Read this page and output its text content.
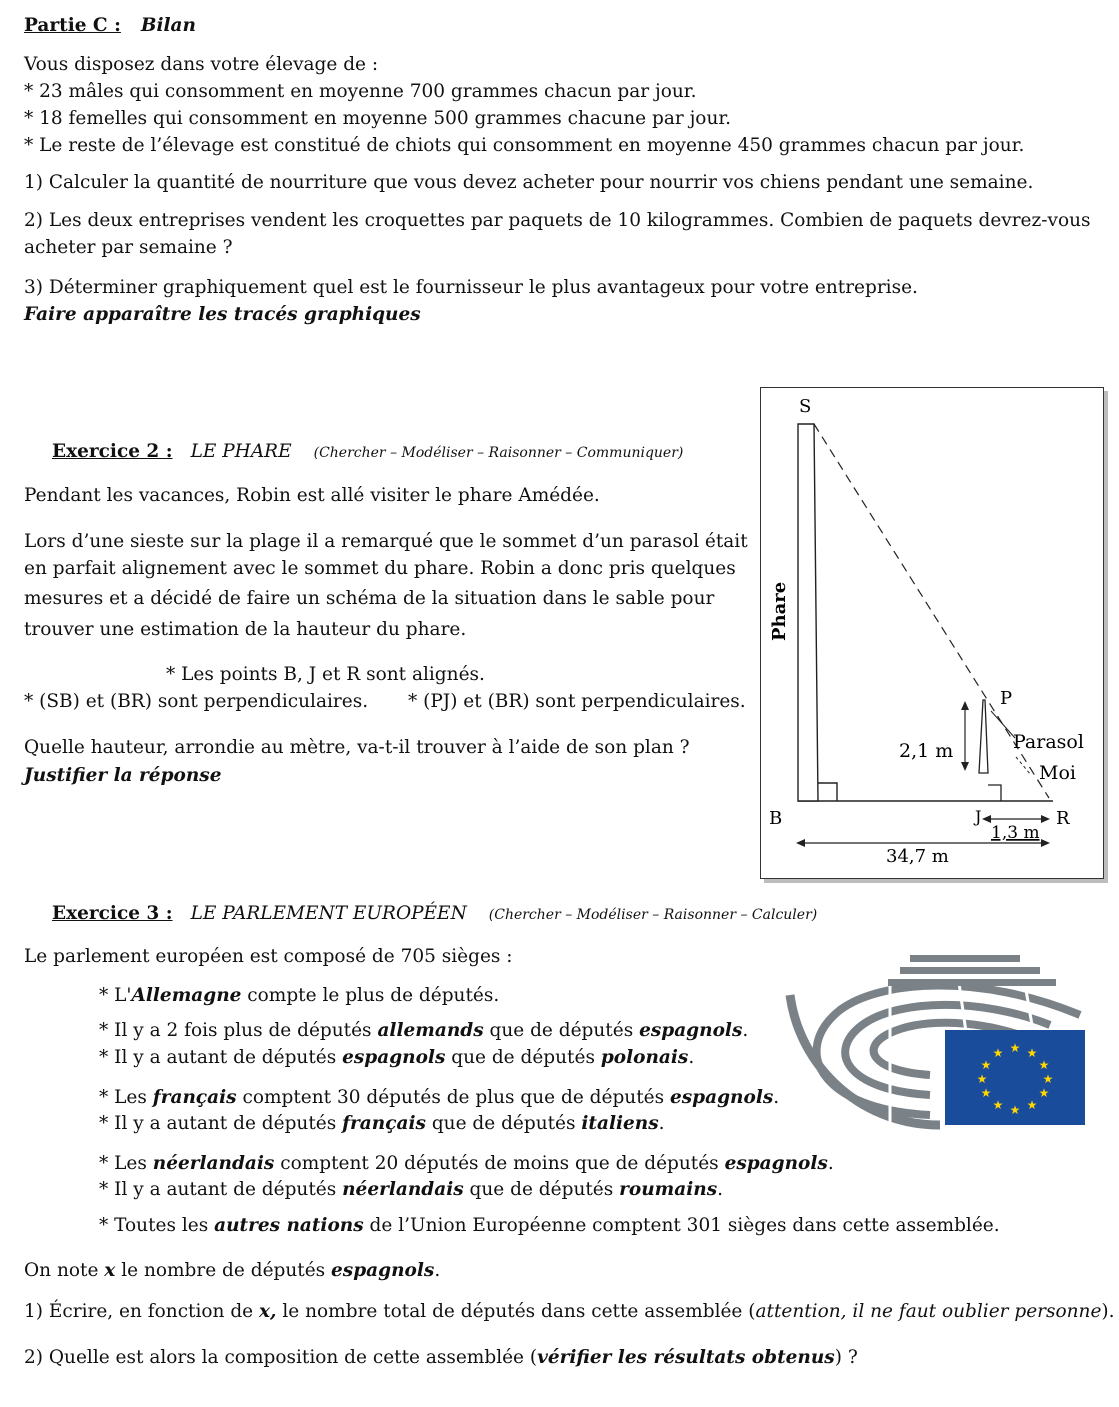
Partie C : Bilan
Vous disposez dans votre élevage de :
* 23 mâles qui consomment en moyenne 700 grammes chacun par jour.
* 18 femelles qui consomment en moyenne 500 grammes chacune par jour.
* Le reste de l’élevage est constitué de chiots qui consomment en moyenne 450 grammes chacun par jour.
1) Calculer la quantité de nourriture que vous devez acheter pour nourrir vos chiens pendant une semaine.
2) Les deux entreprises vendent les croquettes par paquets de 10 kilogrammes. Combien de paquets devrez-vous
acheter par semaine ?
3) Déterminer graphiquement quel est le fournisseur le plus avantageux pour votre entreprise.
Faire apparaître les tracés graphiques
Exercice 2 : LE PHARE (Chercher – Modéliser – Raisonner – Communiquer)
Pendant les vacances, Robin est allé visiter le phare Amédée.
Lors d’une sieste sur la plage il a remarqué que le sommet d’un parasol était
en parfait alignement avec le sommet du phare. Robin a donc pris quelques
mesures et a décidé de faire un schéma de la situation dans le sable pour
trouver une estimation de la hauteur du phare.
* Les points B, J et R sont alignés.
* (SB) et (BR) sont perpendiculaires. * (PJ) et (BR) sont perpendiculaires.
Quelle hauteur, arrondie au mètre, va-t-il trouver à l’aide de son plan ?
Justifier la réponse
S
P
B	J	R
Parasol
Moi
2,1 m
1,3 m
34,7 m
Phare
Exercice 3 : LE PARLEMENT EUROPÉEN (Chercher – Modéliser – Raisonner – Calculer)
Le parlement européen est composé de 705 sièges :
* L'Allemagne compte le plus de députés.
* Il y a 2 fois plus de députés allemands que de députés espagnols.
* Il y a autant de députés espagnols que de députés polonais.
* Les français comptent 30 députés de plus que de députés espagnols.
* Il y a autant de députés français que de députés italiens.
* Les néerlandais comptent 20 députés de moins que de députés espagnols.
* Il y a autant de députés néerlandais que de députés roumains.
* Toutes les autres nations de l’Union Européenne comptent 301 sièges dans cette assemblée.
On note x le nombre de députés espagnols.
1) Écrire, en fonction de x, le nombre total de députés dans cette assemblée (attention, il ne faut oublier personne).
2) Quelle est alors la composition de cette assemblée (vérifier les résultats obtenus) ?
★ ★
★
★
★
★
★
★
★
★
★
★
